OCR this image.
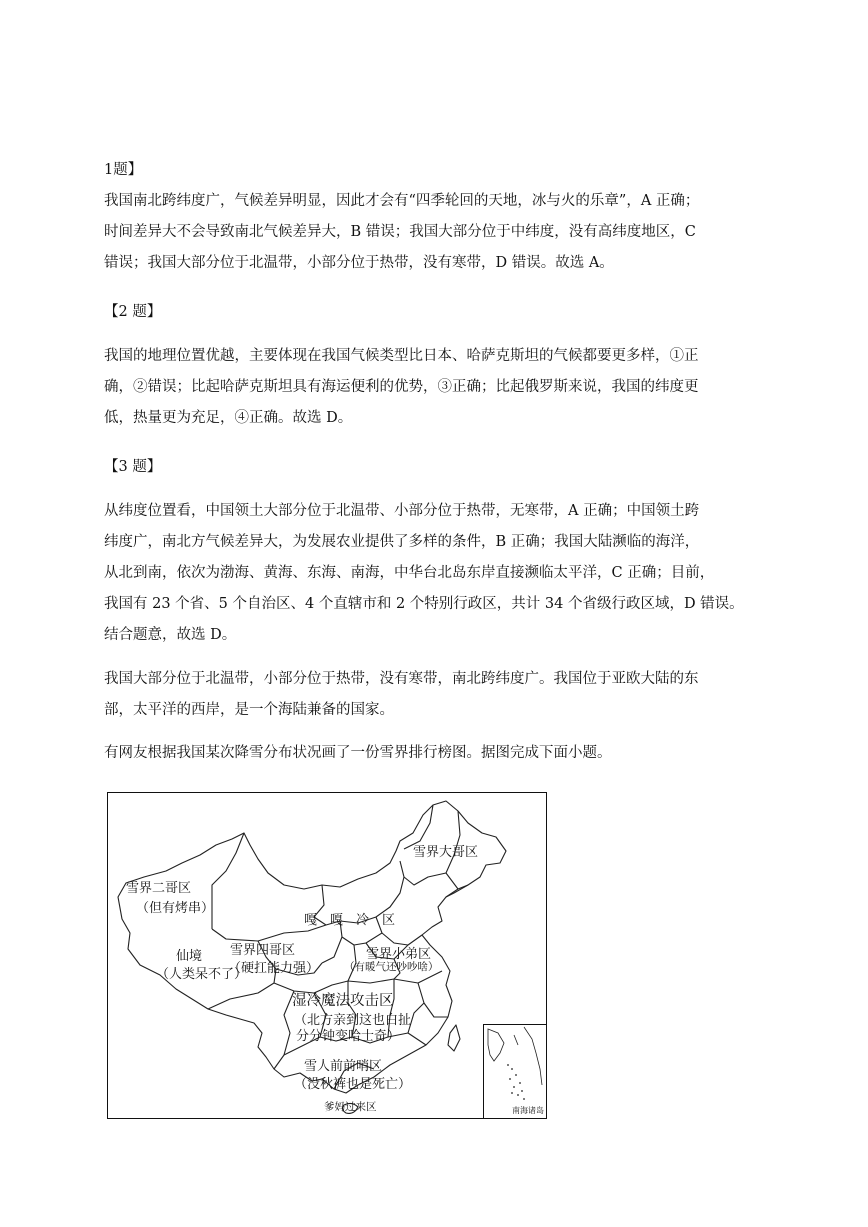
1题】
我国南北跨纬度广，气候差异明显，因此才会有“四季轮回的天地，冰与火的乐章”，A 正确；
时间差异大不会导致南北气候差异大，B 错误；我国大部分位于中纬度，没有高纬度地区，C
错误；我国大部分位于北温带，小部分位于热带，没有寒带，D 错误。故选 A。
【2 题】
我国的地理位置优越，主要体现在我国气候类型比日本、哈萨克斯坦的气候都要更多样，①正
确，②错误；比起哈萨克斯坦具有海运便利的优势，③正确；比起俄罗斯来说，我国的纬度更
低，热量更为充足，④正确。故选 D。
【3 题】
从纬度位置看，中国领土大部分位于北温带、小部分位于热带，无寒带，A 正确；中国领土跨
纬度广，南北方气候差异大，为发展农业提供了多样的条件，B 正确；我国大陆濒临的海洋，
从北到南，依次为渤海、黄海、东海、南海，中华台北岛东岸直接濒临太平洋，C 正确；目前，
我国有 23 个省、5 个自治区、4 个直辖市和 2 个特别行政区，共计 34 个省级行政区域，D 错误。
结合题意，故选 D。
我国大部分位于北温带，小部分位于热带，没有寒带，南北跨纬度广。我国位于亚欧大陆的东
部，太平洋的西岸，是一个海陆兼备的国家。
有网友根据我国某次降雪分布状况画了一份雪界排行榜图。据图完成下面小题。
雪界大哥区
雪界二哥区
（但有烤串）
嘎　嘎　冷　区
雪界四哥区
（硬扛能力强）
雪界小弟区
（有暖气还吵吵啥）
仙境
（人类呆不了）
湿冷魔法攻击区
（北方亲到这也白扯
分分钟变哈士奇）
雪人前前哨区
（没秋裤也是死亡）
爹妈过来区	南海诸岛
